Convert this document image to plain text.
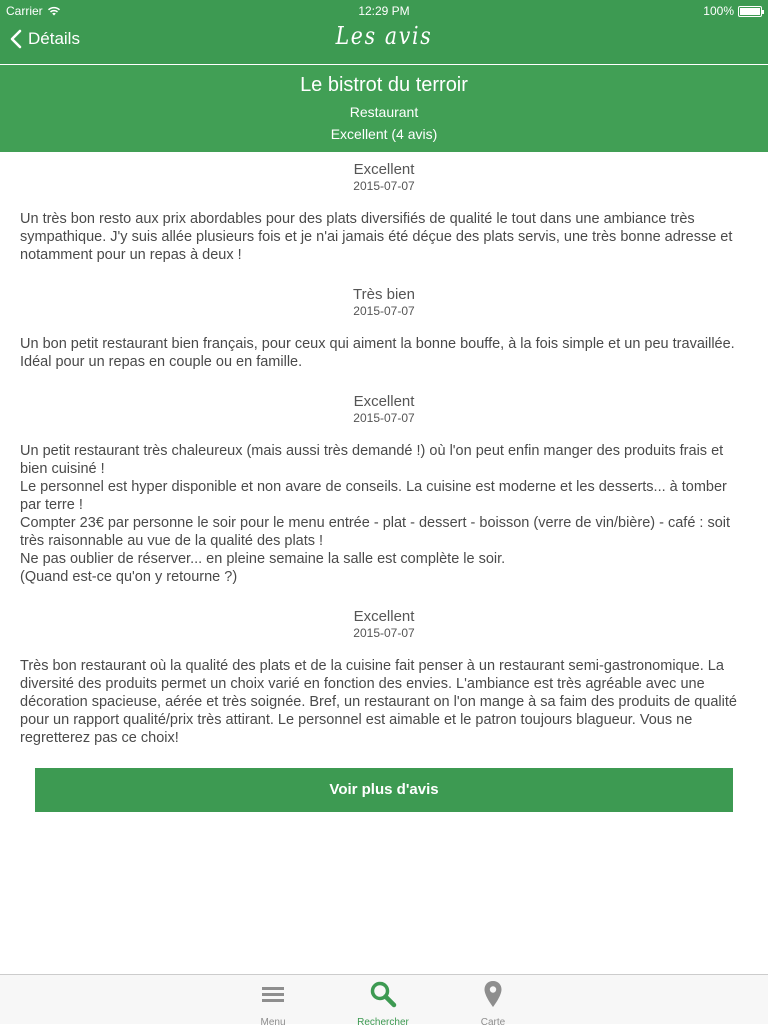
Carrier	12:29 PM	100%
Détails	Les avis
Le bistrot du terroir
Restaurant
Excellent (4 avis)
Excellent
2015-07-07
Un très bon resto aux prix abordables pour des plats diversifiés de qualité le tout dans une ambiance très sympathique. J'y suis allée plusieurs fois et je n'ai jamais été déçue des plats servis, une très bonne adresse et notamment pour un repas à deux !
Très bien
2015-07-07
Un bon petit restaurant bien français, pour ceux qui aiment la bonne bouffe, à la fois simple et un peu travaillée. Idéal pour un repas en couple ou en famille.
Excellent
2015-07-07
Un petit restaurant très chaleureux (mais aussi très demandé !) où l'on peut enfin manger des produits frais et bien cuisiné !
Le personnel est hyper disponible et non avare de conseils. La cuisine est moderne et les desserts... à tomber par terre !
Compter 23€ par personne le soir pour le menu entrée - plat - dessert - boisson (verre de vin/bière) - café : soit très raisonnable au vue de la qualité des plats !
Ne pas oublier de réserver... en pleine semaine la salle est complète le soir.
(Quand est-ce qu'on y retourne ?)
Excellent
2015-07-07
Très bon restaurant où la qualité des plats et de la cuisine fait penser à un restaurant semi-gastronomique. La diversité des produits permet un choix varié en fonction des envies. L'ambiance est très agréable avec une décoration spacieuse, aérée et très soignée. Bref, un restaurant on l'on mange à sa faim des produits de qualité pour un rapport qualité/prix très attirant. Le personnel est aimable et le patron toujours blagueur. Vous ne regretterez pas ce choix!
Voir plus d'avis
Menu	Rechercher	Carte
